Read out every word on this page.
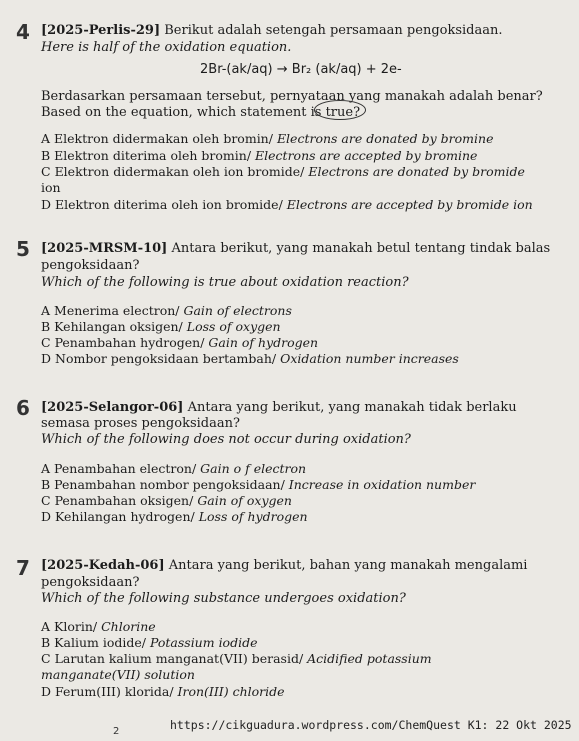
4 [2025-Perlis-29] Berikut adalah setengah persamaan pengoksidaan.
Here is half of the oxidation equation.
2Br-(ak/aq) → Br₂ (ak/aq) + 2e-
Berdasarkan persamaan tersebut, pernyataan yang manakah adalah benar?
Based on the equation, which statement is true?
A Elektron didermakan oleh bromin/ Electrons are donated by bromine
B Elektron diterima oleh bromin/ Electrons are accepted by bromine
C Elektron didermakan oleh ion bromide/ Electrons are donated by bromide
ion
D Elektron diterima oleh ion bromide/ Electrons are accepted by bromide ion
5 [2025-MRSM-10] Antara berikut, yang manakah betul tentang tindak balas
pengoksidaan?
Which of the following is true about oxidation reaction?
A Menerima electron/ Gain of electrons
B Kehilangan oksigen/ Loss of oxygen
C Penambahan hydrogen/ Gain of hydrogen
D Nombor pengoksidaan bertambah/ Oxidation number increases
6 [2025-Selangor-06] Antara yang berikut, yang manakah tidak berlaku
semasa proses pengoksidaan?
Which of the following does not occur during oxidation?
A Penambahan electron/ Gain o f electron
B Penambahan nombor pengoksidaan/ Increase in oxidation number
C Penambahan oksigen/ Gain of oxygen
D Kehilangan hydrogen/ Loss of hydrogen
7 [2025-Kedah-06] Antara yang berikut, bahan yang manakah mengalami
pengoksidaan?
Which of the following substance undergoes oxidation?
A Klorin/ Chlorine
B Kalium iodide/ Potassium iodide
C Larutan kalium manganat(VII) berasid/ Acidified potassium
manganate(VII) solution
D Ferum(III) klorida/ Iron(III) chloride
2	https://cikguadura.wordpress.com/ChemQuest K1: 22 Okt 2025
